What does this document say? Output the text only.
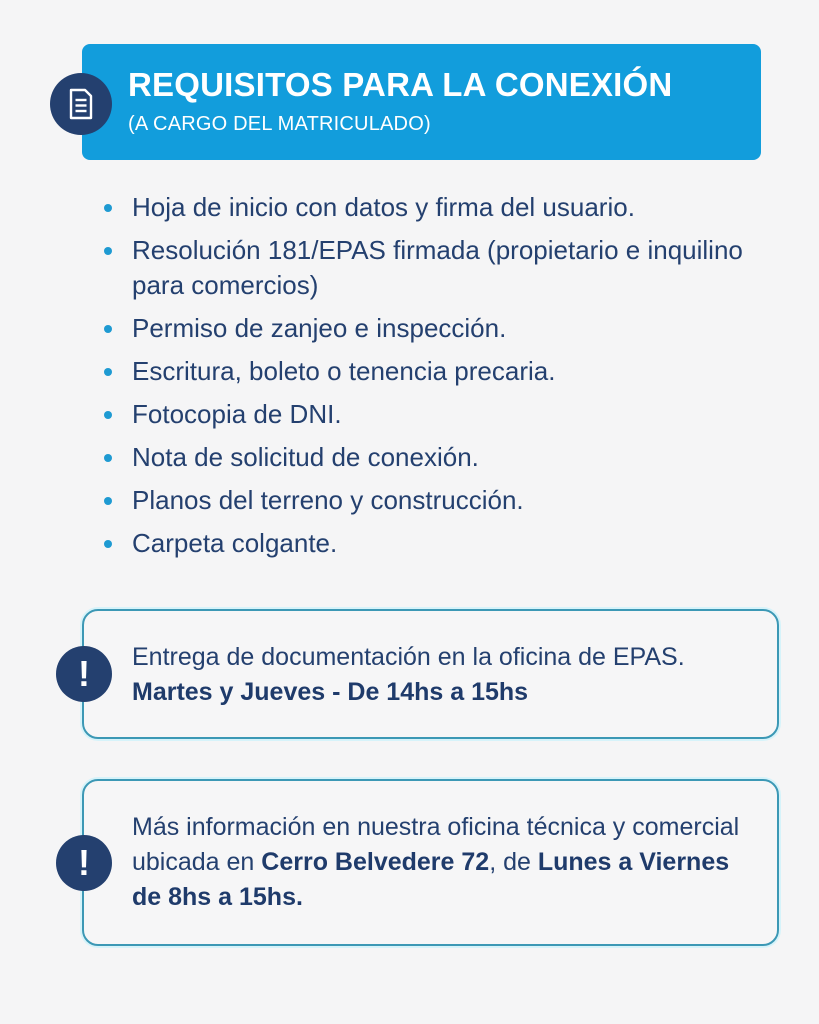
REQUISITOS PARA LA CONEXIÓN
(A CARGO DEL MATRICULADO)
Hoja de inicio con datos y firma del usuario.
Resolución 181/EPAS firmada (propietario e inquilino para comercios)
Permiso de zanjeo e inspección.
Escritura, boleto o tenencia precaria.
Fotocopia de DNI.
Nota de solicitud de conexión.
Planos del terreno y construcción.
Carpeta colgante.
!	Entrega de documentación en la oficina de EPAS. Martes y Jueves - De 14hs a 15hs
!
Más información en nuestra oficina técnica y comercial ubicada en Cerro Belvedere 72, de Lunes a Viernes de 8hs a 15hs.
